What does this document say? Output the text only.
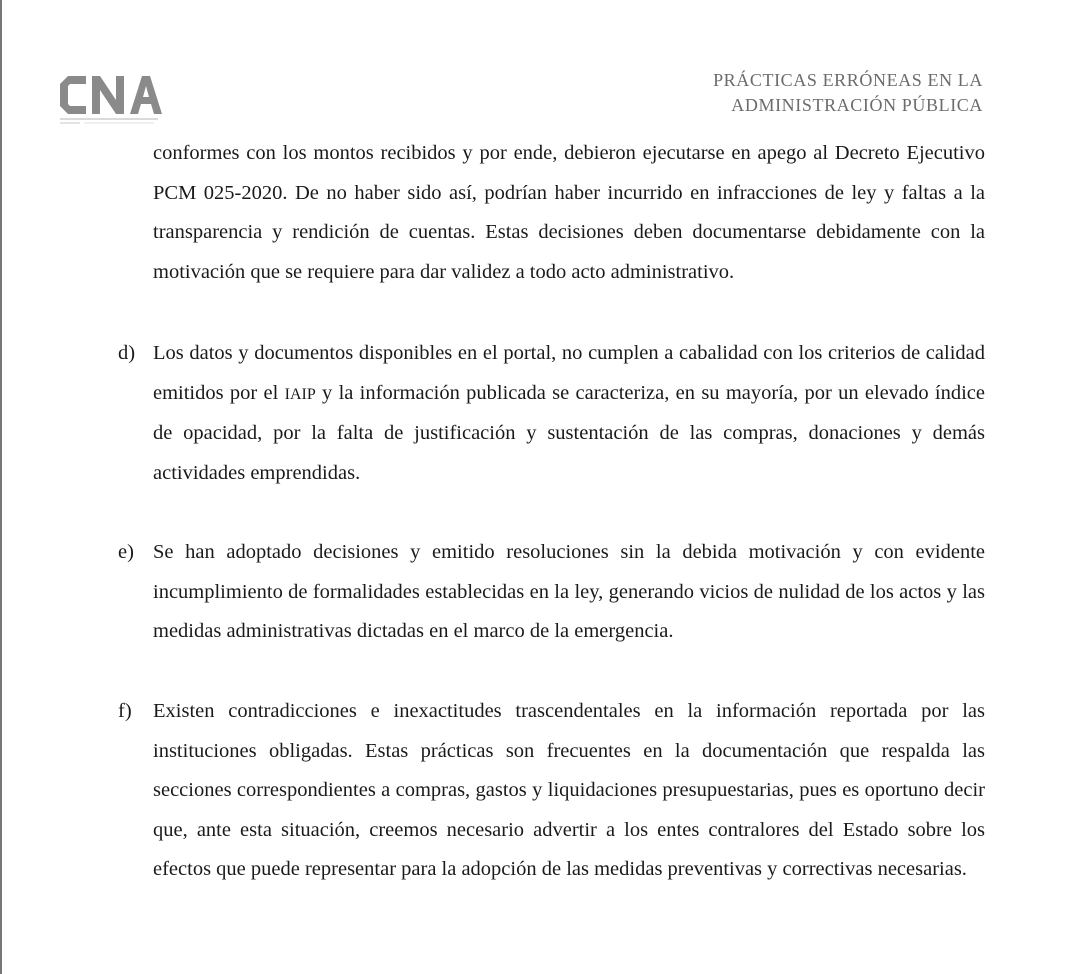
PRÁCTICAS ERRÓNEAS EN LA
ADMINISTRACIÓN PÚBLICA
conformes con los montos recibidos y por ende, debieron ejecutarse en apego al Decreto Ejecutivo PCM 025-2020. De no haber sido así, podrían haber incurrido en infracciones de ley y faltas a la transparencia y rendición de cuentas. Estas decisiones deben documentarse debidamente con la motivación que se requiere para dar validez a todo acto administrativo.
d) Los datos y documentos disponibles en el portal, no cumplen a cabalidad con los criterios de calidad emitidos por el IAIP y la información publicada se caracteriza, en su mayoría, por un elevado índice de opacidad, por la falta de justificación y sustentación de las compras, donaciones y demás actividades emprendidas.
e) Se han adoptado decisiones y emitido resoluciones sin la debida motivación y con evidente incumplimiento de formalidades establecidas en la ley, generando vicios de nulidad de los actos y las medidas administrativas dictadas en el marco de la emergencia.
f) Existen contradicciones e inexactitudes trascendentales en la información reportada por las instituciones obligadas. Estas prácticas son frecuentes en la documentación que respalda las secciones correspondientes a compras, gastos y liquidaciones presupuestarias, pues es oportuno decir que, ante esta situación, creemos necesario advertir a los entes contralores del Estado sobre los efectos que puede representar para la adopción de las medidas preventivas y correctivas necesarias.
